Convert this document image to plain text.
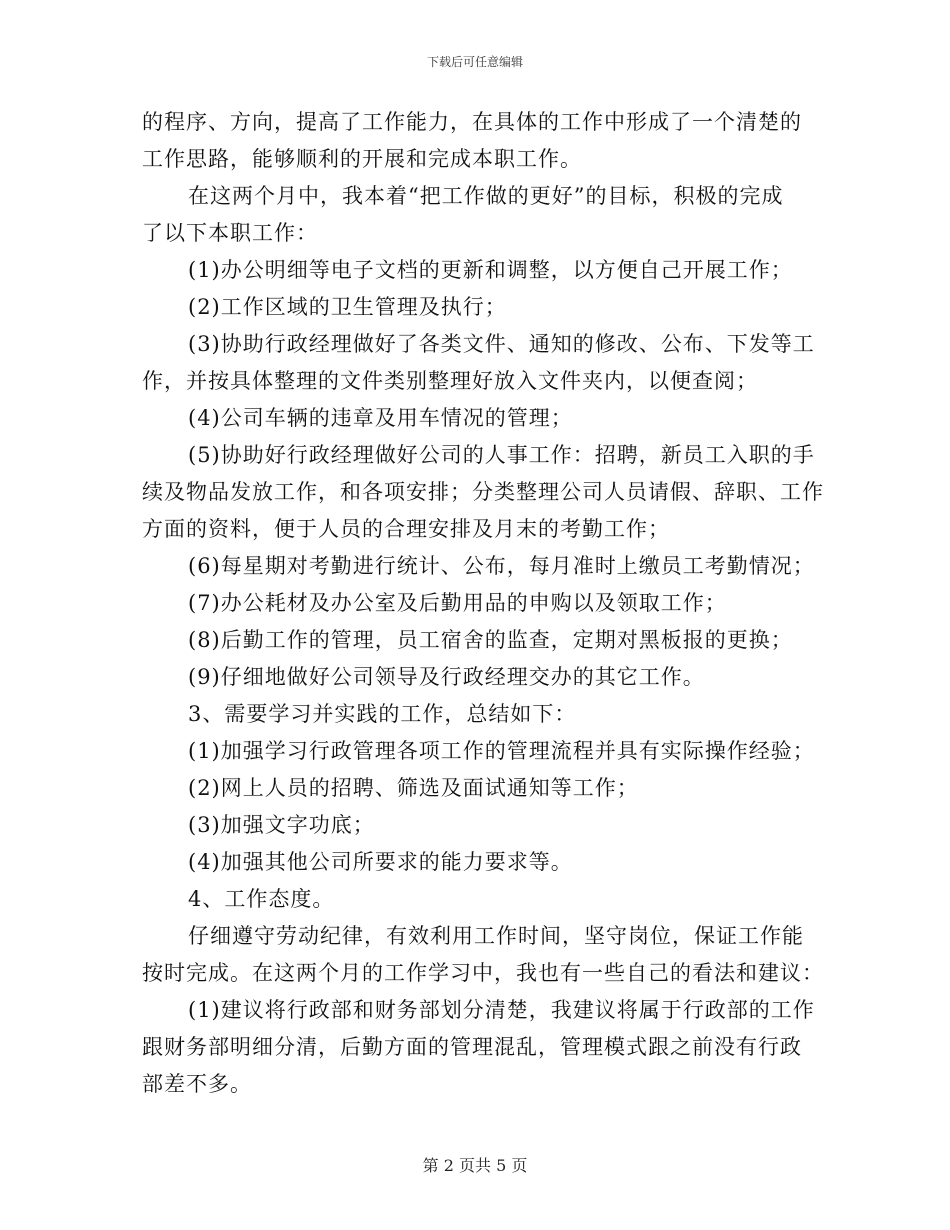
下载后可任意编辑
的程序、方向，提高了工作能力，在具体的工作中形成了一个清楚的
工作思路，能够顺利的开展和完成本职工作。
在这两个月中，我本着“把工作做的更好”的目标，积极的完成
了以下本职工作：
(1)办公明细等电子文档的更新和调整，以方便自己开展工作；
(2)工作区域的卫生管理及执行；
(3)协助行政经理做好了各类文件、通知的修改、公布、下发等工
作，并按具体整理的文件类别整理好放入文件夹内，以便查阅；
(4)公司车辆的违章及用车情况的管理；
(5)协助好行政经理做好公司的人事工作：招聘，新员工入职的手
续及物品发放工作，和各项安排；分类整理公司人员请假、辞职、工作
方面的资料，便于人员的合理安排及月末的考勤工作；
(6)每星期对考勤进行统计、公布，每月准时上缴员工考勤情况；
(7)办公耗材及办公室及后勤用品的申购以及领取工作；
(8)后勤工作的管理，员工宿舍的监查，定期对黑板报的更换；
(9)仔细地做好公司领导及行政经理交办的其它工作。
3、需要学习并实践的工作，总结如下：
(1)加强学习行政管理各项工作的管理流程并具有实际操作经验；
(2)网上人员的招聘、筛选及面试通知等工作；
(3)加强文字功底；
(4)加强其他公司所要求的能力要求等。
4、工作态度。
仔细遵守劳动纪律，有效利用工作时间，坚守岗位，保证工作能
按时完成。在这两个月的工作学习中，我也有一些自己的看法和建议：
(1)建议将行政部和财务部划分清楚，我建议将属于行政部的工作
跟财务部明细分清，后勤方面的管理混乱，管理模式跟之前没有行政
部差不多。
第 2 页共 5 页
